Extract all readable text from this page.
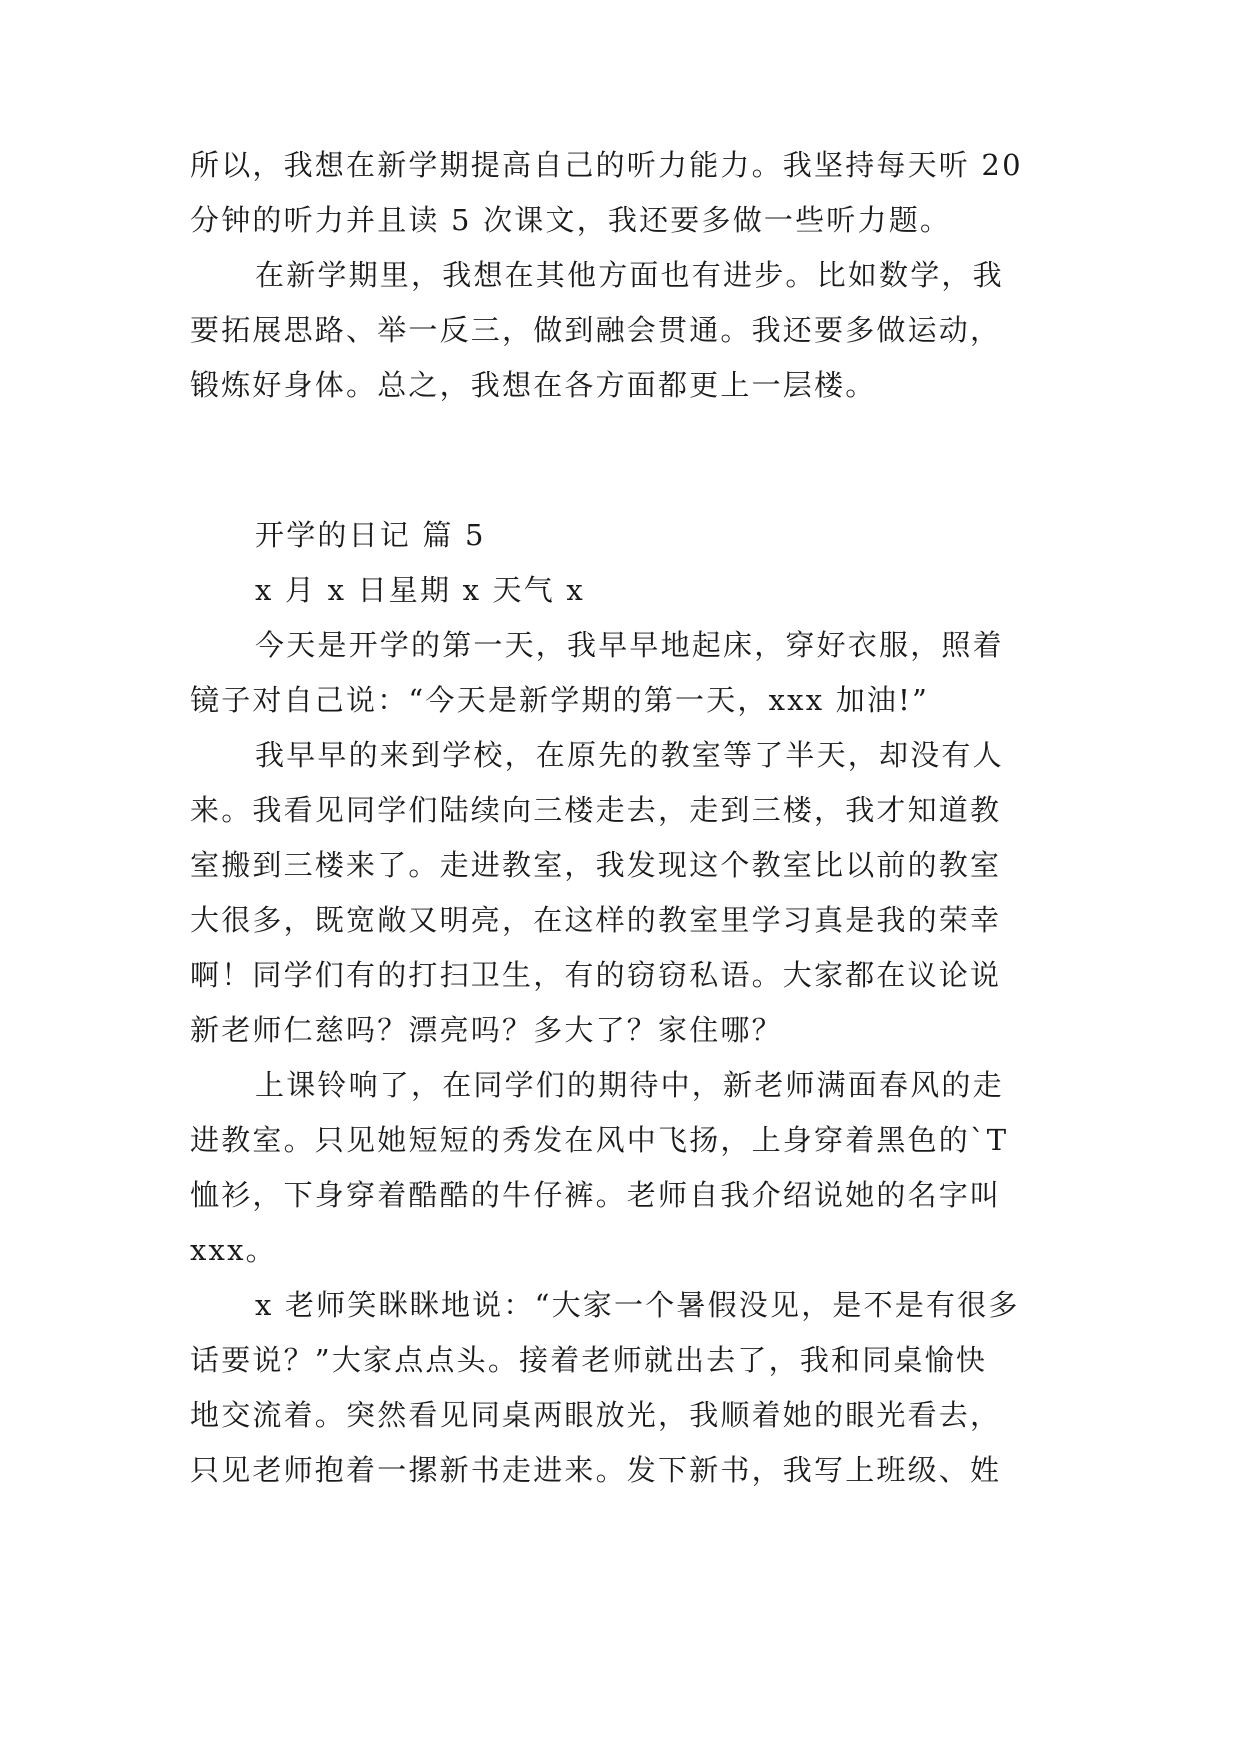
所以，我想在新学期提高自己的听力能力。我坚持每天听 20
分钟的听力并且读 5 次课文，我还要多做一些听力题。
在新学期里，我想在其他方面也有进步。比如数学，我
要拓展思路、举一反三，做到融会贯通。我还要多做运动，
锻炼好身体。总之，我想在各方面都更上一层楼。
开学的日记 篇 5
x 月 x 日星期 x 天气 x
今天是开学的第一天，我早早地起床，穿好衣服，照着
镜子对自己说：“今天是新学期的第一天，xxx 加油!”
我早早的来到学校，在原先的教室等了半天，却没有人
来。我看见同学们陆续向三楼走去，走到三楼，我才知道教
室搬到三楼来了。走进教室，我发现这个教室比以前的教室
大很多，既宽敞又明亮，在这样的教室里学习真是我的荣幸
啊！同学们有的打扫卫生，有的窃窃私语。大家都在议论说
新老师仁慈吗？漂亮吗？多大了？家住哪？
上课铃响了，在同学们的期待中，新老师满面春风的走
进教室。只见她短短的秀发在风中飞扬，上身穿着黑色的`T
恤衫，下身穿着酷酷的牛仔裤。老师自我介绍说她的名字叫
xxx。
x 老师笑眯眯地说：“大家一个暑假没见，是不是有很多
话要说？”大家点点头。接着老师就出去了，我和同桌愉快
地交流着。突然看见同桌两眼放光，我顺着她的眼光看去，
只见老师抱着一摞新书走进来。发下新书，我写上班级、姓
